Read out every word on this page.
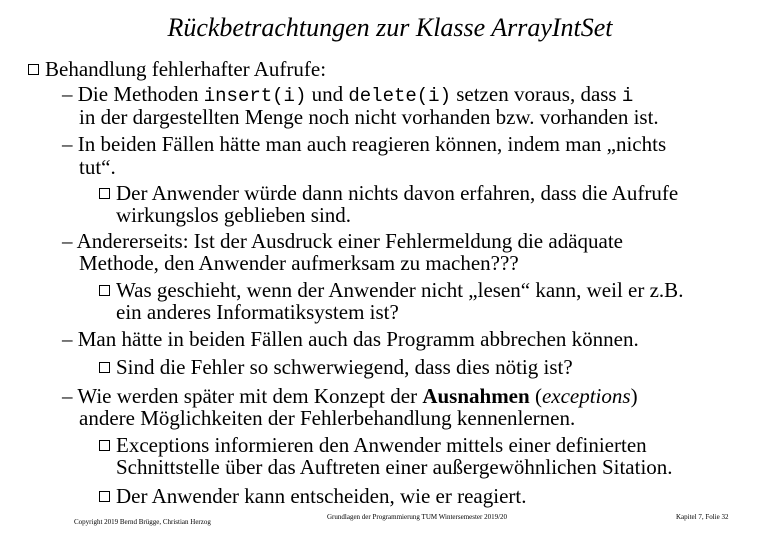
Rückbetrachtungen zur Klasse ArrayIntSet
Behandlung fehlerhafter Aufrufe:
– Die Methoden insert(i) und delete(i) setzen voraus, dass i
in der dargestellten Menge noch nicht vorhanden bzw. vorhanden ist.
– In beiden Fällen hätte man auch reagieren können, indem man „nichts
tut“.
Der Anwender würde dann nichts davon erfahren, dass die Aufrufe
wirkungslos geblieben sind.
– Andererseits: Ist der Ausdruck einer Fehlermeldung die adäquate
Methode, den Anwender aufmerksam zu machen???
Was geschieht, wenn der Anwender nicht „lesen“ kann, weil er z.B.
ein anderes Informatiksystem ist?
– Man hätte in beiden Fällen auch das Programm abbrechen können.
Sind die Fehler so schwerwiegend, dass dies nötig ist?
– Wie werden später mit dem Konzept der Ausnahmen (exceptions)
andere Möglichkeiten der Fehlerbehandlung kennenlernen.
Exceptions informieren den Anwender mittels einer definierten
Schnittstelle über das Auftreten einer außergewöhnlichen Sitation.
Der Anwender kann entscheiden, wie er reagiert.
Copyright 2019 Bernd Brügge, Christian Herzog
Grundlagen der Programmierung TUM Wintersemester 2019/20	Kapitel 7, Folie 32
